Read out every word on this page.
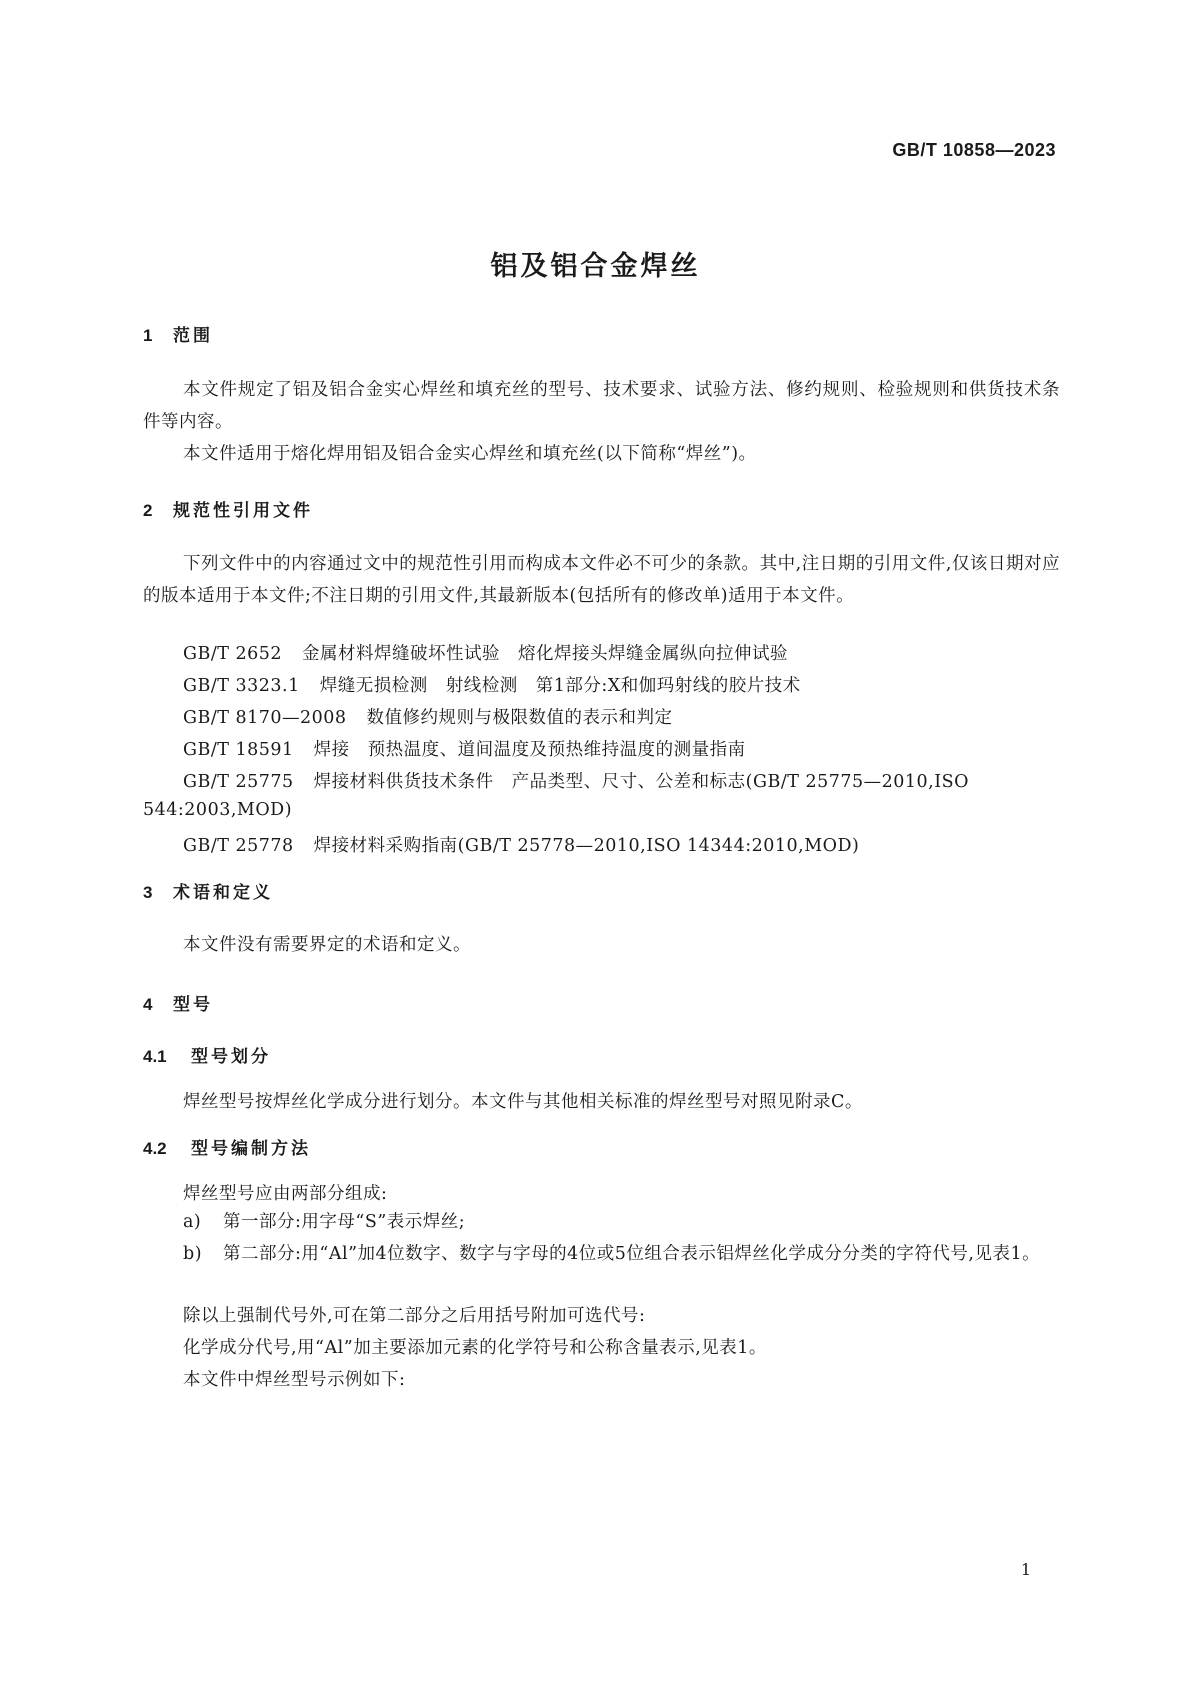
GB/T 10858—2023
铝及铝合金焊丝
1 范围
本文件规定了铝及铝合金实心焊丝和填充丝的型号、技术要求、试验方法、修约规则、检验规则和供货技术条件等内容。
本文件适用于熔化焊用铝及铝合金实心焊丝和填充丝(以下简称“焊丝”)。
2 规范性引用文件
下列文件中的内容通过文中的规范性引用而构成本文件必不可少的条款。其中,注日期的引用文件,仅该日期对应的版本适用于本文件;不注日期的引用文件,其最新版本(包括所有的修改单)适用于本文件。
GB/T 2652 金属材料焊缝破坏性试验　熔化焊接头焊缝金属纵向拉伸试验
GB/T 3323.1 焊缝无损检测　射线检测　第1部分:X和伽玛射线的胶片技术
GB/T 8170—2008 数值修约规则与极限数值的表示和判定
GB/T 18591 焊接　预热温度、道间温度及预热维持温度的测量指南
GB/T 25775 焊接材料供货技术条件　产品类型、尺寸、公差和标志(GB/T 25775—2010,ISO
544:2003,MOD)
GB/T 25778 焊接材料采购指南(GB/T 25778—2010,ISO 14344:2010,MOD)
3 术语和定义
本文件没有需要界定的术语和定义。
4 型号
4.1 型号划分
焊丝型号按焊丝化学成分进行划分。本文件与其他相关标准的焊丝型号对照见附录C。
4.2 型号编制方法
焊丝型号应由两部分组成:
a) 第一部分:用字母“S”表示焊丝;
b) 第二部分:用“Al”加4位数字、数字与字母的4位或5位组合表示铝焊丝化学成分分类的字符代号,见表1。
除以上强制代号外,可在第二部分之后用括号附加可选代号:
化学成分代号,用“Al”加主要添加元素的化学符号和公称含量表示,见表1。
本文件中焊丝型号示例如下:
1
